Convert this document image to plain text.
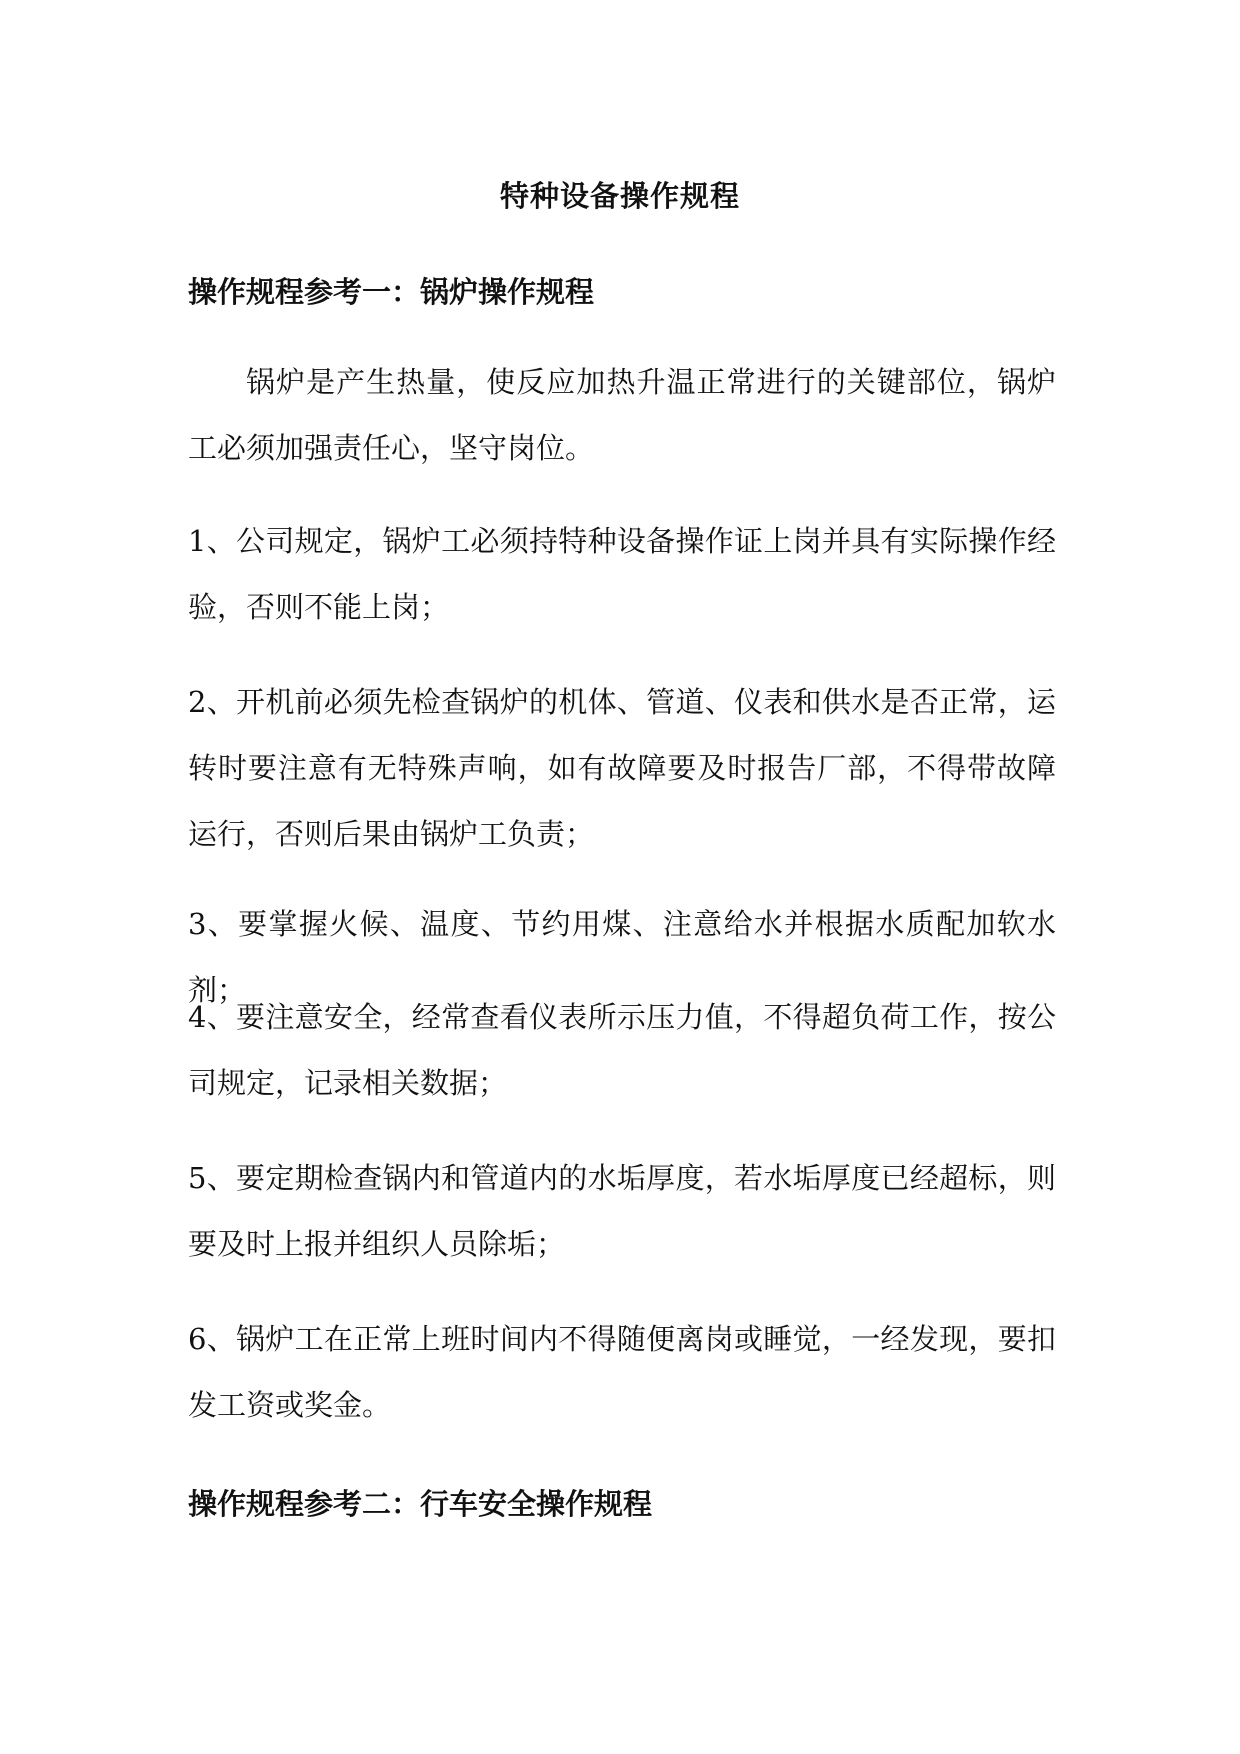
特种设备操作规程
操作规程参考一：锅炉操作规程

锅炉是产生热量，使反应加热升温正常进行的关键部位，锅炉工必须加强责任心，坚守岗位。

1、公司规定，锅炉工必须持特种设备操作证上岗并具有实际操作经验，否则不能上岗；

2、开机前必须先检查锅炉的机体、管道、仪表和供水是否正常，运转时要注意有无特殊声响，如有故障要及时报告厂部，不得带故障运行，否则后果由锅炉工负责；

3、要掌握火候、温度、节约用煤、注意给水并根据水质配加软水剂；

4、要注意安全，经常查看仪表所示压力值，不得超负荷工作，按公司规定，记录相关数据；

5、要定期检查锅内和管道内的水垢厚度，若水垢厚度已经超标，则要及时上报并组织人员除垢；

6、锅炉工在正常上班时间内不得随便离岗或睡觉，一经发现，要扣发工资或奖金。

操作规程参考二：行车安全操作规程
